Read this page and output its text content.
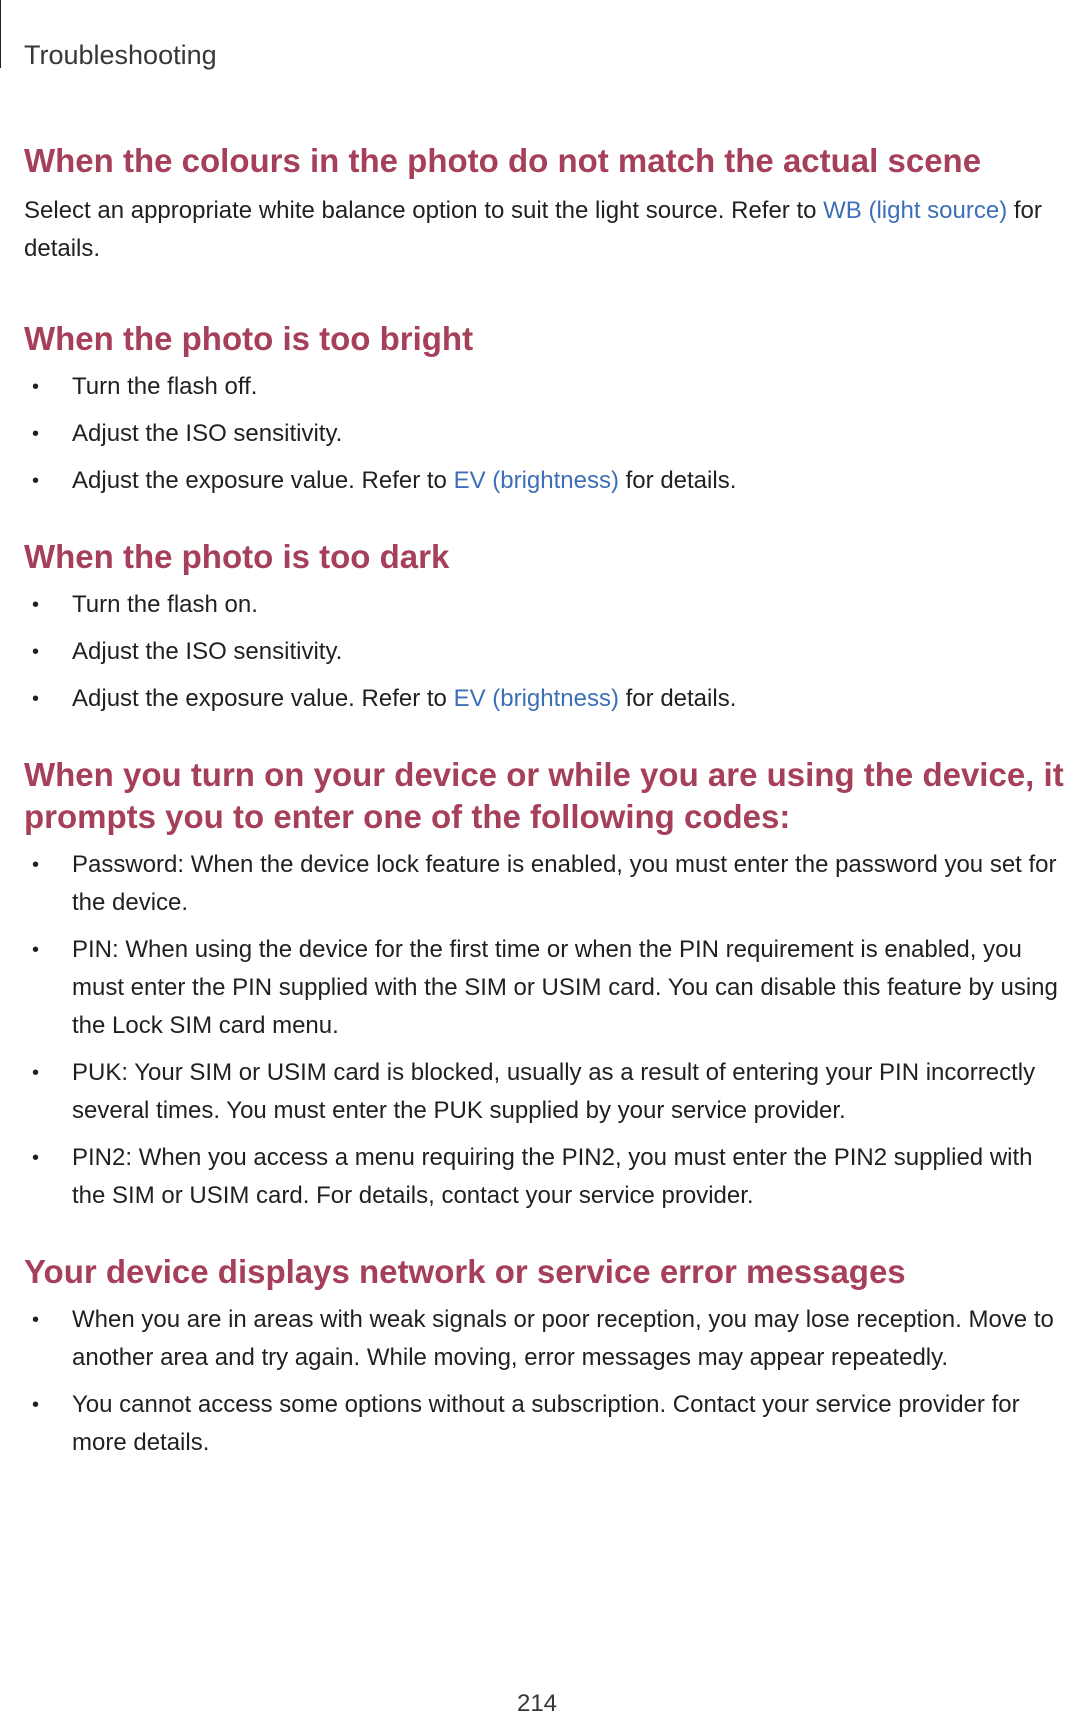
Troubleshooting
When the colours in the photo do not match the actual scene

Select an appropriate white balance option to suit the light source. Refer to WB (light source) for details.

When the photo is too bright
• Turn the flash off.
• Adjust the ISO sensitivity.
• Adjust the exposure value. Refer to EV (brightness) for details.
When the photo is too dark
• Turn the flash on.
• Adjust the ISO sensitivity.
• Adjust the exposure value. Refer to EV (brightness) for details.
When you turn on your device or while you are using the device, it prompts you to enter one of the following codes:
• Password: When the device lock feature is enabled, you must enter the password you set for the device.
• PIN: When using the device for the first time or when the PIN requirement is enabled, you must enter the PIN supplied with the SIM or USIM card. You can disable this feature by using the Lock SIM card menu.
• PUK: Your SIM or USIM card is blocked, usually as a result of entering your PIN incorrectly several times. You must enter the PUK supplied by your service provider.
• PIN2: When you access a menu requiring the PIN2, you must enter the PIN2 supplied with the SIM or USIM card. For details, contact your service provider.
Your device displays network or service error messages
• When you are in areas with weak signals or poor reception, you may lose reception. Move to another area and try again. While moving, error messages may appear repeatedly.
• You cannot access some options without a subscription. Contact your service provider for more details.
214
